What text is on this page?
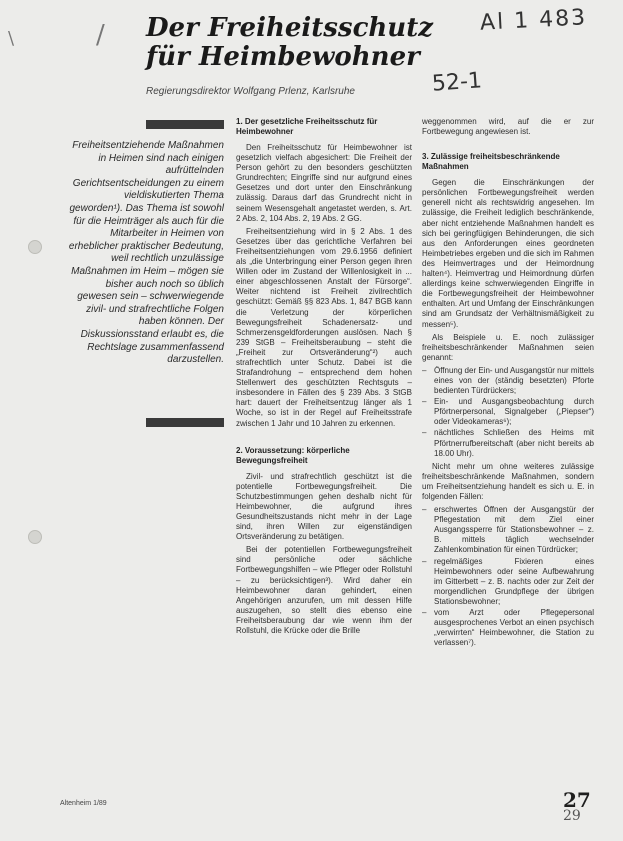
\	/ Der Freiheitsschutz
für Heimbewohner
Regierungsdirektor Wolfgang Prlenz, Karlsruhe
Al 1 483
52-1
Freiheitsentziehende Maßnahmen in Heimen sind nach einigen aufrüttelnden Gerichtsentscheidungen zu einem vieldiskutierten Thema geworden¹). Das Thema ist sowohl für die Heimträger als auch für die Mitarbeiter in Heimen von erheblicher praktischer Bedeutung, weil rechtlich unzulässige Maßnahmen im Heim – mögen sie bisher auch noch so üblich gewesen sein – schwerwiegende zivil- und strafrechtliche Folgen haben können. Der Diskussionsstand erlaubt es, die Rechtslage zusammenfassend darzustellen.
1. Der gesetzliche Freiheitsschutz für Heimbewohner

Den Freiheitsschutz für Heimbewohner ist gesetzlich vielfach abgesichert: Die Freiheit der Person gehört zu den besonders geschützten Grundrechten; Eingriffe sind nur aufgrund eines Gesetzes und dort unter den Einschränkung zulässig. Daraus darf das Grundrecht nicht in seinem Wesensgehalt angetastet werden, s. Art. 2 Abs. 2, 104 Abs. 2, 19 Abs. 2 GG.

Freiheitsentziehung wird in § 2 Abs. 1 des Gesetzes über das gerichtliche Verfahren bei Freiheitsentziehungen vom 29.6.1956 definiert als „die Unterbringung einer Person gegen ihren Willen oder im Zustand der Willenlosigkeit in ... einer abgeschlossenen Anstalt der Fürsorge“. Weiter nichtend ist Freiheit zivilrechtlich geschützt: Gemäß §§ 823 Abs. 1, 847 BGB kann die Verletzung der körperlichen Bewegungsfreiheit Schadenersatz- und Schmerzensgeldforderungen auslösen. Nach § 239 StGB – Freiheitsberaubung – steht die „Freiheit zur Ortsveränderung“²) auch strafrechtlich unter Schutz. Dabei ist die Strafandrohung – entsprechend dem hohen Stellenwert des geschützten Rechtsguts – insbesondere in Fällen des § 239 Abs. 3 StGB hart: dauert der Freiheitsentzug länger als 1 Woche, so ist in der Regel auf Freiheitsstrafe zwischen 1 Jahr und 10 Jahren zu erkennen.

2. Voraussetzung: körperliche Bewegungsfreiheit

Zivil- und strafrechtlich geschützt ist die potentielle Fortbewegungsfreiheit. Die Schutzbestimmungen gehen deshalb nicht für Heimbewohner, die aufgrund ihres Gesundheitszustands nicht mehr in der Lage sind, ihren Willen zur eigenständigen Ortsveränderung zu betätigen.

Bei der potentiellen Fortbewegungsfreiheit sind persönliche oder sächliche Fortbewegungshilfen – wie Pfleger oder Rollstuhl – zu berücksichtigen³). Wird daher ein Heimbewohner daran gehindert, einen Angehörigen anzurufen, um mit dessen Hilfe auszugehen, so stellt dies ebenso eine Freiheitsberaubung dar wie wenn ihm der Rollstuhl, die Krücke oder die Brille

weggenommen wird, auf die er zur Fortbewegung angewiesen ist.

3. Zulässige freiheitsbeschränkende Maßnahmen

Gegen die Einschränkungen der persönlichen Fortbewegungsfreiheit werden generell nicht als rechtswidrig angesehen. Im zulässige, die Freiheit lediglich beschränkende, aber nicht entziehende Maßnahmen handelt es sich bei geringfügigen Behinderungen, die sich aus den Anforderungen eines geordneten Heimbetriebes ergeben und die sich im Rahmen des Heimvertrages und der Heimordnung halten⁴). Heimvertrag und Heimordnung dürfen allerdings keine schwerwiegenden Eingriffe in die Fortbewegungsfreiheit der Heimbewohner enthalten. Art und Umfang der Einschränkungen sind am Grundsatz der Verhältnismäßigkeit zu messen⁵).

Als Beispiele u. E. noch zulässiger freiheitsbeschränkender Maßnahmen seien genannt:

– Öffnung der Ein- und Ausgangstür nur mittels eines von der (ständig besetzten) Pforte bedienten Türdrückers;
– Ein- und Ausgangsbeobachtung durch Pförtnerpersonal, Signalgeber („Piepser“) oder Videokameras⁶);
– nächtliches Schließen des Heims mit Pförtnerrufbereitschaft (aber nicht bereits ab 18.00 Uhr).

Nicht mehr um ohne weiteres zulässige freiheitsbeschränkende Maßnahmen, sondern um Freiheitsentziehung handelt es sich u. E. in folgenden Fällen:

– erschwertes Öffnen der Ausgangstür der Pflegestation mit dem Ziel einer Ausgangssperre für Stationsbewohner – z. B. mittels täglich wechselnder Zahlenkombination für einen Türdrücker;
– regelmäßiges Fixieren eines Heimbewohners oder seine Aufbewahrung im Gitterbett – z. B. nachts oder zur Zeit der morgendlichen Grundpflege der übrigen Stationsbewohner;
– vom Arzt oder Pflegepersonal ausgesprochenes Verbot an einen psychisch „verwirrten“ Heimbewohner, die Station zu verlassen⁷).
Altenheim 1/89	27
29
